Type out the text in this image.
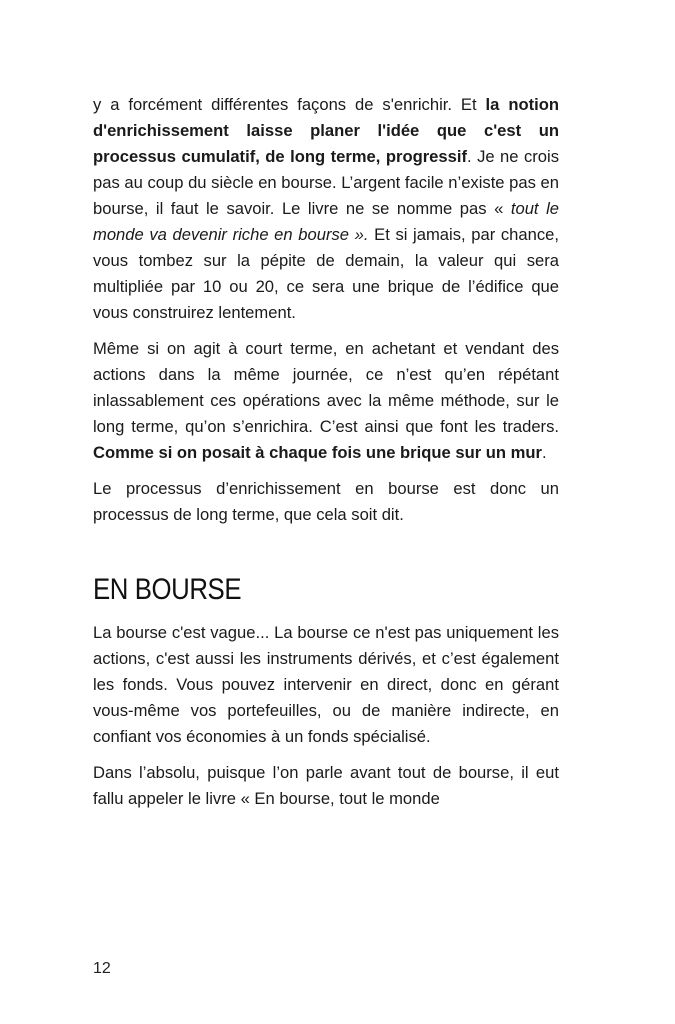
y a forcément différentes façons de s'enrichir. Et la notion d'enrichissement laisse planer l'idée que c'est un processus cumulatif, de long terme, progressif. Je ne crois pas au coup du siècle en bourse. L’argent facile n’existe pas en bourse, il faut le savoir. Le livre ne se nomme pas « tout le monde va devenir riche en bourse ». Et si jamais, par chance, vous tombez sur la pépite de demain, la valeur qui sera multipliée par 10 ou 20, ce sera une brique de l’édifice que vous construirez lentement.

Même si on agit à court terme, en achetant et vendant des actions dans la même journée, ce n’est qu’en répétant inlassablement ces opérations avec la même méthode, sur le long terme, qu’on s’enrichira. C’est ainsi que font les traders. Comme si on posait à chaque fois une brique sur un mur.

Le processus d’enrichissement en bourse est donc un processus de long terme, que cela soit dit.

EN BOURSE

La bourse c'est vague... La bourse ce n'est pas uniquement les actions, c'est aussi les instruments dérivés, et c’est également les fonds. Vous pouvez intervenir en direct, donc en gérant vous-même vos portefeuilles, ou de manière indirecte, en confiant vos économies à un fonds spécialisé.

Dans l’absolu, puisque l’on parle avant tout de bourse, il eut fallu appeler le livre « En bourse, tout le monde

12
